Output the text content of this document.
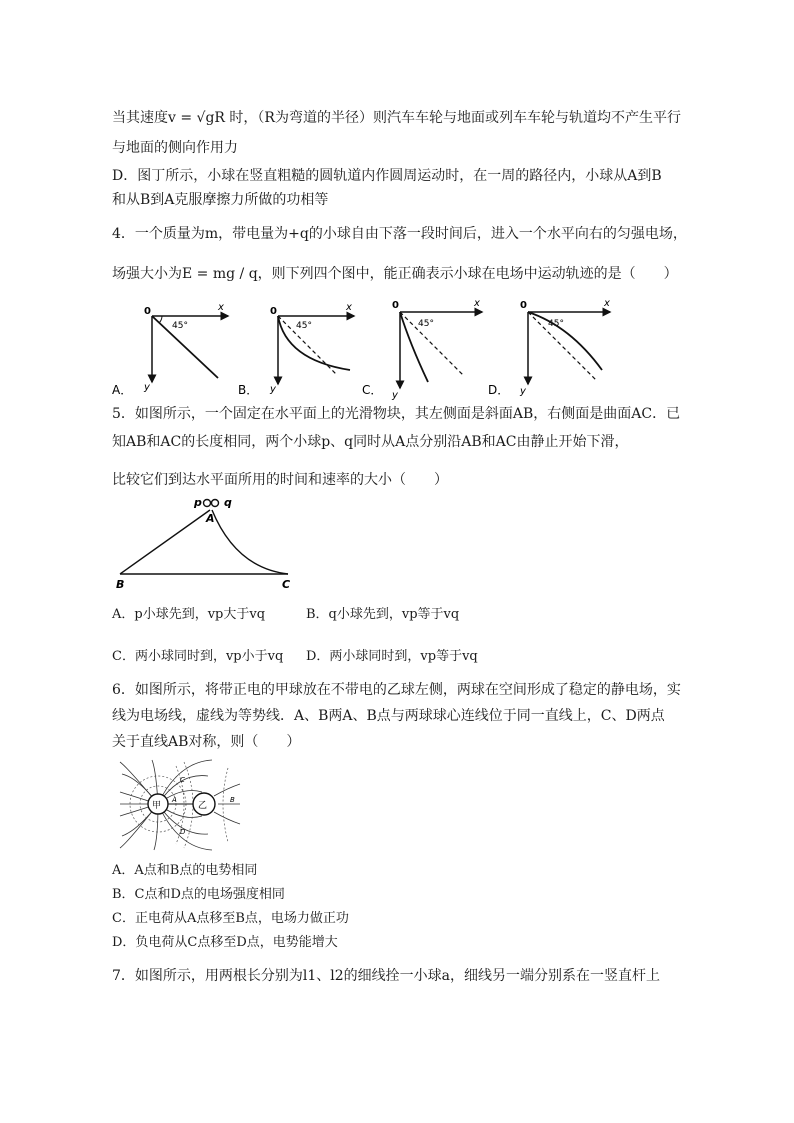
当其速度v = √gR 时，（R为弯道的半径）则汽车车轮与地面或列车车轮与轨道均不产生平行
与地面的侧向作用力
D．图丁所示，小球在竖直粗糙的圆轨道内作圆周运动时，在一周的路径内，小球从A到B
和从B到A克服摩擦力所做的功相等
4．一个质量为m，带电量为+q的小球自由下落一段时间后，进入一个水平向右的匀强电场，
场强大小为E = mg / q，则下列四个图中，能正确表示小球在电场中运动轨迹的是（　　）
A．
0	x
y
45°
B．
0	x
y
45°
C．
0	x
y
45°
D．
0	x
y
45°
5．如图所示，一个固定在水平面上的光滑物块，其左侧面是斜面AB，右侧面是曲面AC．已
知AB和AC的长度相同，两个小球p、q同时从A点分别沿AB和AC由静止开始下滑，
比较它们到达水平面所用的时间和速率的大小（　　）
p q
A
B	C
A．p小球先到，vp大于vq	B．q小球先到，vp等于vq
C．两小球同时到，vp小于vq D．两小球同时到，vp等于vq
6．如图所示，将带正电的甲球放在不带电的乙球左侧，两球在空间形成了稳定的静电场，实
线为电场线，虚线为等势线．A、B两A、B点与两球球心连线位于同一直线上，C、D两点
关于直线AB对称，则（　　）
甲	乙
A	B
C
D
A．A点和B点的电势相同
B．C点和D点的电场强度相同
C．正电荷从A点移至B点，电场力做正功
D．负电荷从C点移至D点，电势能增大
7．如图所示，用两根长分别为l1、l2的细线拴一小球a，细线另一端分别系在一竖直杆上
